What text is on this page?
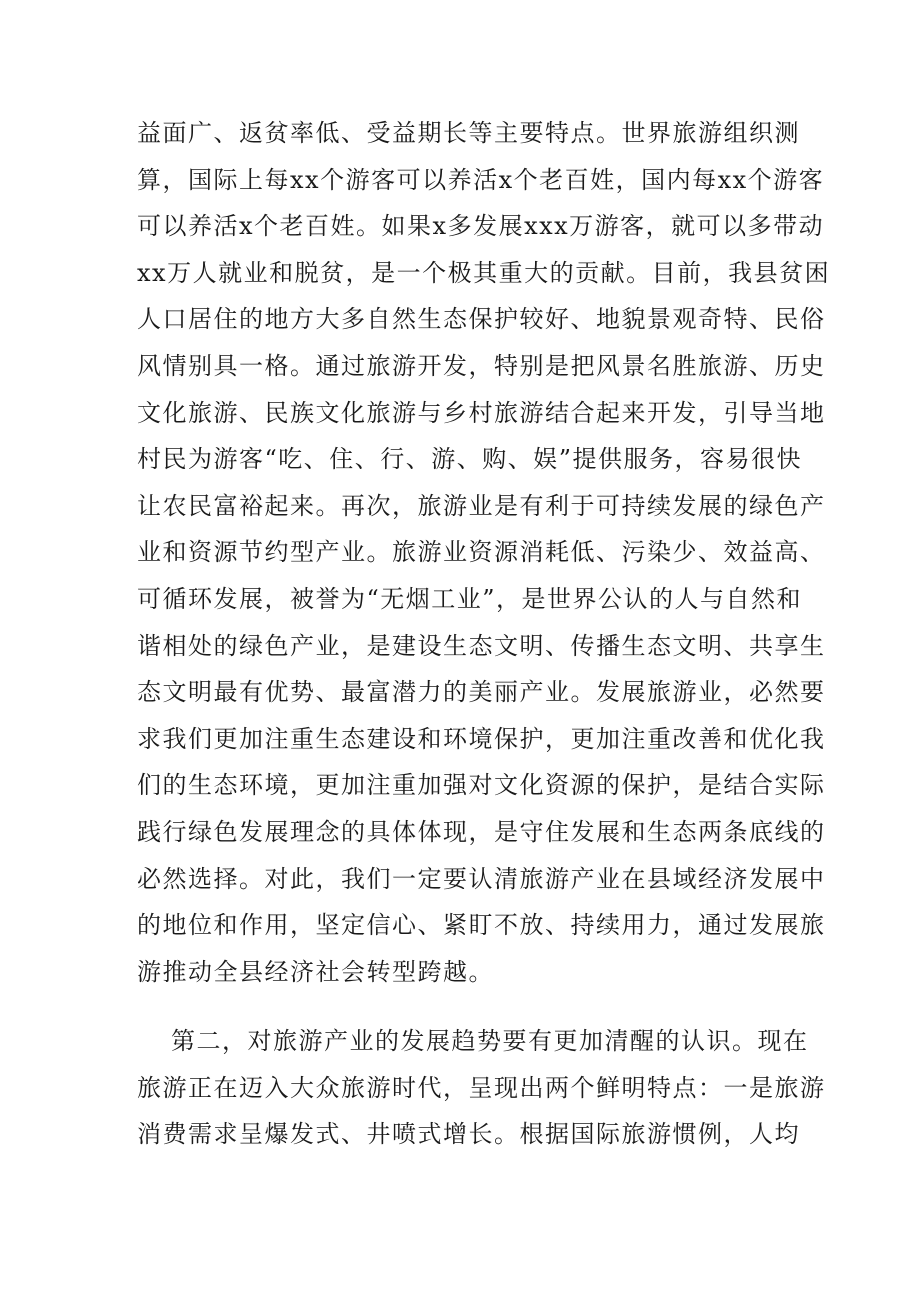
益面广、返贫率低、受益期长等主要特点。世界旅游组织测
算，国际上每xx个游客可以养活x个老百姓，国内每xx个游客
可以养活x个老百姓。如果x多发展xxx万游客，就可以多带动
xx万人就业和脱贫，是一个极其重大的贡献。目前，我县贫困
人口居住的地方大多自然生态保护较好、地貌景观奇特、民俗
风情别具一格。通过旅游开发，特别是把风景名胜旅游、历史
文化旅游、民族文化旅游与乡村旅游结合起来开发，引导当地
村民为游客“吃、住、行、游、购、娱”提供服务，容易很快
让农民富裕起来。再次，旅游业是有利于可持续发展的绿色产
业和资源节约型产业。旅游业资源消耗低、污染少、效益高、
可循环发展，被誉为“无烟工业”，是世界公认的人与自然和
谐相处的绿色产业，是建设生态文明、传播生态文明、共享生
态文明最有优势、最富潜力的美丽产业。发展旅游业，必然要
求我们更加注重生态建设和环境保护，更加注重改善和优化我
们的生态环境，更加注重加强对文化资源的保护，是结合实际
践行绿色发展理念的具体体现，是守住发展和生态两条底线的
必然选择。对此，我们一定要认清旅游产业在县域经济发展中
的地位和作用，坚定信心、紧盯不放、持续用力，通过发展旅
游推动全县经济社会转型跨越。
第二，对旅游产业的发展趋势要有更加清醒的认识。现在
旅游正在迈入大众旅游时代，呈现出两个鲜明特点：一是旅游
消费需求呈爆发式、井喷式增长。根据国际旅游惯例，人均
